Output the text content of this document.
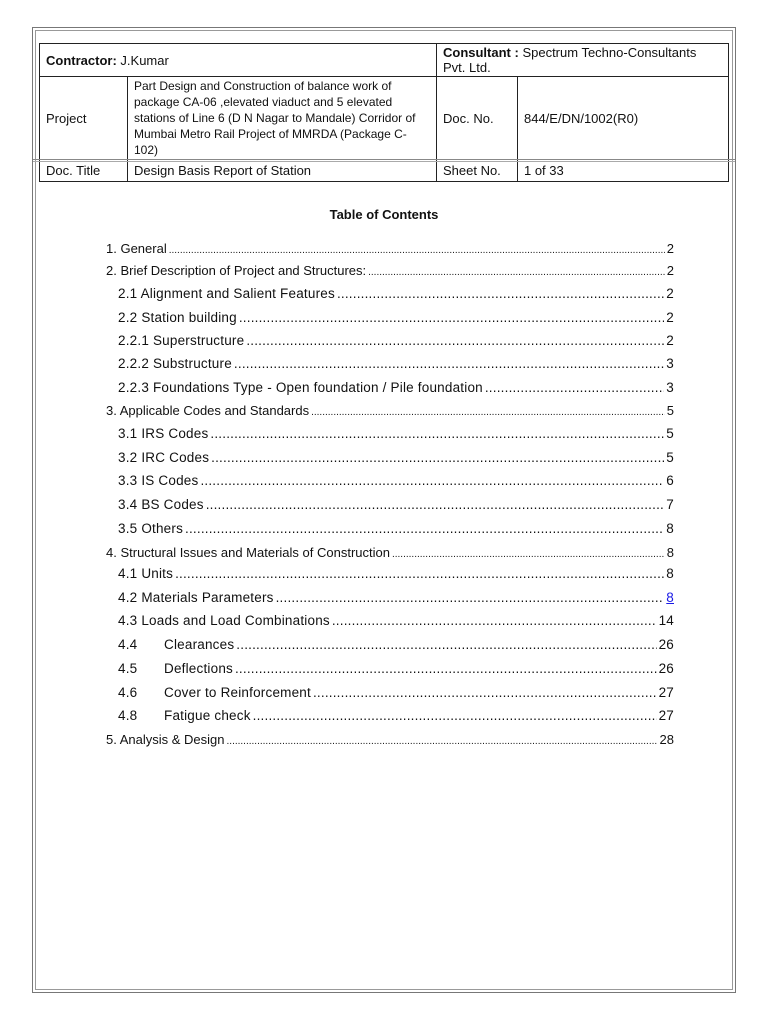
Contractor: J.Kumar		Consultant : Spectrum Techno-Consultants Pvt. Ltd.	
Project	Part Design and Construction of balance work of package CA-06 ,elevated viaduct and 5 elevated stations of Line 6 (D N Nagar to Mandale) Corridor of Mumbai Metro Rail Project of MMRDA (Package C-102)	Doc. No.	844/E/DN/1002(R0)
Doc. Title	Design Basis Report of Station	Sheet No.	1 of 33
Table of Contents
1. General .....	2
2. Brief Description of Project and Structures: .....	2
2.1 Alignment and Salient Features .....	2
2.2 Station building .....	2
2.2.1 Superstructure .....	2
2.2.2 Substructure .....	3
2.2.3 Foundations Type - Open foundation / Pile foundation .....	3
3. Applicable Codes and Standards .....	5
3.1 IRS Codes .....	5
3.2 IRC Codes .....	5
3.3 IS Codes .....	6
3.4 BS Codes .....	7
3.5 Others .....	8
4. Structural Issues and Materials of Construction .....	8
4.1 Units .....	8
4.2 Materials Parameters .....	8
4.3 Loads and Load Combinations .....	14
4.4 Clearances .....	26
4.5 Deflections .....	26
4.6 Cover to Reinforcement .....	27
4.8 Fatigue check .....	27
5. Analysis & Design .....	28
